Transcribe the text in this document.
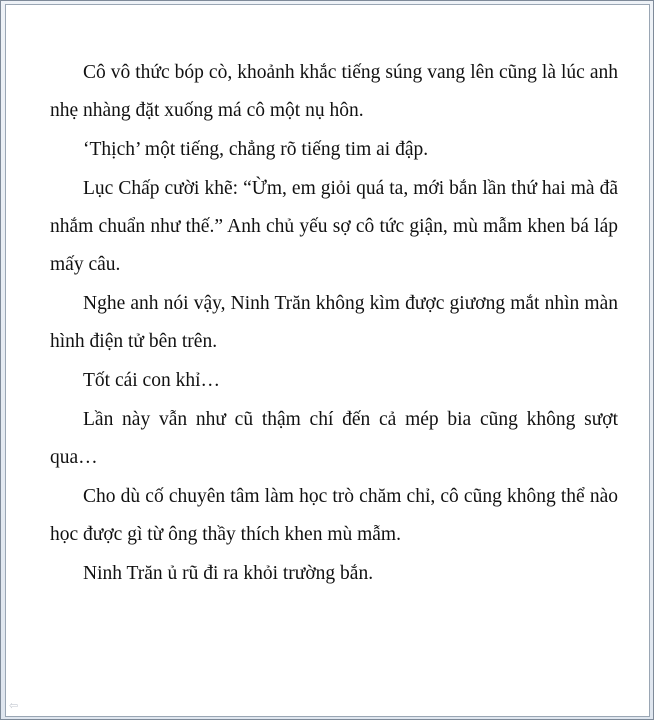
Cô vô thức bóp cò, khoảnh khắc tiếng súng vang lên cũng là lúc anh nhẹ nhàng đặt xuống má cô một nụ hôn.

‘Thịch’ một tiếng, chẳng rõ tiếng tim ai đập.

Lục Chấp cười khẽ: “Ừm, em giỏi quá ta, mới bắn lần thứ hai mà đã nhắm chuẩn như thế.” Anh chủ yếu sợ cô tức giận, mù mẫm khen bá láp mấy câu.

Nghe anh nói vậy, Ninh Trăn không kìm được giương mắt nhìn màn hình điện tử bên trên.

Tốt cái con khỉ…

Lần này vẫn như cũ thậm chí đến cả mép bia cũng không sượt qua…

Cho dù cố chuyên tâm làm học trò chăm chỉ, cô cũng không thể nào học được gì từ ông thầy thích khen mù mẫm.

Ninh Trăn ủ rũ đi ra khỏi trường bắn.

⇦
